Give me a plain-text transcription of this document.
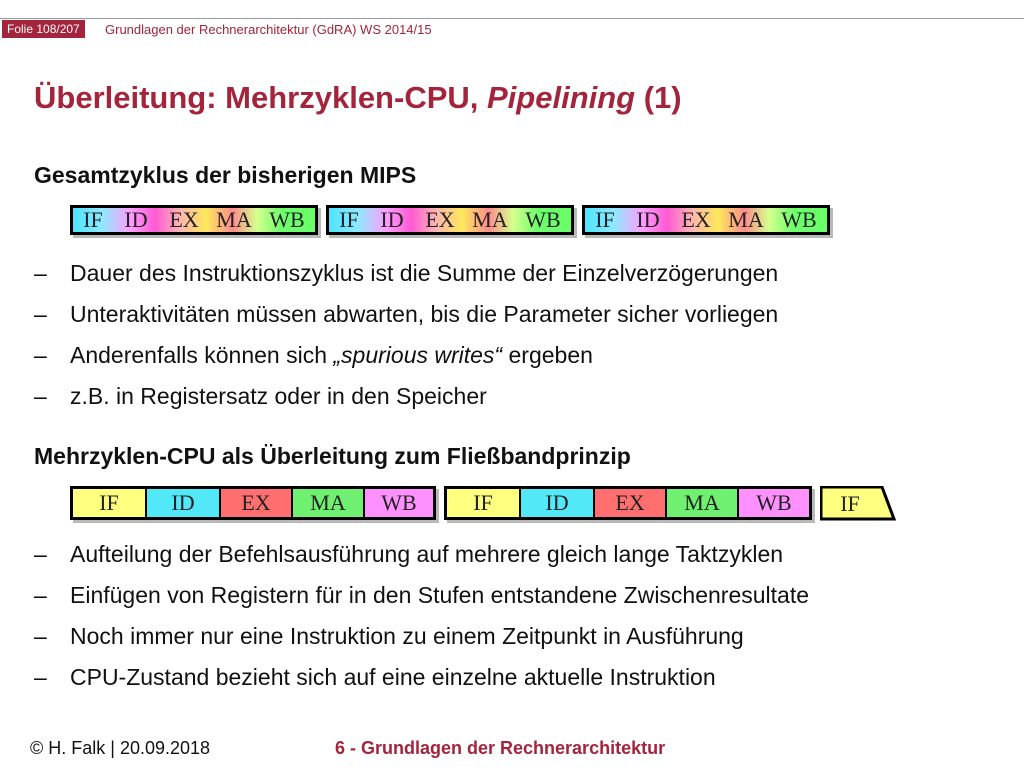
Folie 108/207	Grundlagen der Rechnerarchitektur (GdRA) WS 2014/15
Überleitung: Mehrzyklen-CPU, Pipelining (1)
Gesamtzyklus der bisherigen MIPS
IF ID EX MA WB	IF ID EX MA WB	IF ID EX MA WB
– Dauer des Instruktionszyklus ist die Summe der Einzelverzögerungen
– Unteraktivitäten müssen abwarten, bis die Parameter sicher vorliegen
– Anderenfalls können sich „spurious writes“ ergeben
– z.B. in Registersatz oder in den Speicher
Mehrzyklen-CPU als Überleitung zum Fließbandprinzip
IF	ID	EX	MA	WB	IF	ID	EX	MA	WB	IF
– Aufteilung der Befehlsausführung auf mehrere gleich lange Taktzyklen
– Einfügen von Registern für in den Stufen entstandene Zwischenresultate
– Noch immer nur eine Instruktion zu einem Zeitpunkt in Ausführung
– CPU-Zustand bezieht sich auf eine einzelne aktuelle Instruktion
© H. Falk | 20.09.2018	6 - Grundlagen der Rechnerarchitektur
